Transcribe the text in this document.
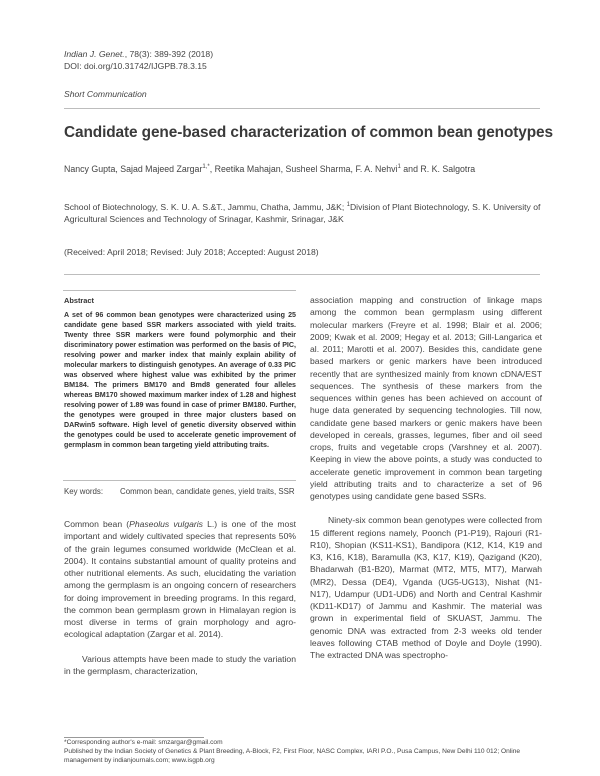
Indian J. Genet., 78(3): 389-392 (2018)
DOI: doi.org/10.31742/IJGPB.78.3.15
Short Communication
Candidate gene-based characterization of common bean genotypes
Nancy Gupta, Sajad Majeed Zargar$^{1,*}$, Reetika Mahajan, Susheel Sharma, F. A. Nehvi$^1$ and R. K. Salgotra
School of Biotechnology, S. K. U. A. S.&T., Jammu, Chatha, Jammu, J&K; $^1$Division of Plant Biotechnology, S. K. University of Agricultural Sciences and Technology of Srinagar, Kashmir, Srinagar, J&K
(Received: April 2018; Revised: July 2018; Accepted: August 2018)
Abstract
A set of 96 common bean genotypes were characterized using 25 candidate gene based SSR markers associated with yield traits. Twenty three SSR markers were found polymorphic and their discriminatory power estimation was performed on the basis of PIC, resolving power and marker index that mainly explain ability of molecular markers to distinguish genotypes. An average of 0.33 PIC was observed where highest value was exhibited by the primer BM184. The primers BM170 and Bmd8 generated four alleles whereas BM170 showed maximum marker index of 1.28 and highest resolving power of 1.89 was found in case of primer BM180. Further, the genotypes were grouped in three major clusters based on DARwin5 software. High level of genetic diversity observed within the genotypes could be used to accelerate genetic improvement of germplasm in common bean targeting yield attributing traits.
Key words: Common bean, candidate genes, yield traits, SSR

Common bean (Phaseolus vulgaris L.) is one of the most important and widely cultivated species that represents 50% of the grain legumes consumed worldwide (McClean et al. 2004). It contains substantial amount of quality proteins and other nutritional elements. As such, elucidating the variation among the germplasm is an ongoing concern of researchers for doing improvement in breeding programs. In this regard, the common bean germplasm grown in Himalayan region is most diverse in terms of grain morphology and agro-ecological adaptation (Zargar et al. 2014).

Various attempts have been made to study the variation in the germplasm, characterization,

association mapping and construction of linkage maps among the common bean germplasm using different molecular markers (Freyre et al. 1998; Blair et al. 2006; 2009; Kwak et al. 2009; Hegay et al. 2013; Gill-Langarica et al. 2011; Marotti et al. 2007). Besides this, candidate gene based markers or genic markers have been introduced recently that are synthesized mainly from known cDNA/EST sequences. The synthesis of these markers from the sequences within genes has been achieved on account of huge data generated by sequencing technologies. Till now, candidate gene based markers or genic makers have been developed in cereals, grasses, legumes, fiber and oil seed crops, fruits and vegetable crops (Varshney et al. 2007). Keeping in view the above points, a study was conducted to accelerate genetic improvement in common bean targeting yield attributing traits and to characterize a set of 96 genotypes using candidate gene based SSRs.

Ninety-six common bean genotypes were collected from 15 different regions namely, Poonch (P1-P19), Rajouri (R1-R10), Shopian (KS11-KS1), Bandipora (K12, K14, K19 and K3, K16, K18), Baramulla (K3, K17, K19), Qazigand (K20), Bhadarwah (B1-B20), Marmat (MT2, MT5, MT7), Marwah (MR2), Dessa (DE4), Vganda (UG5-UG13), Nishat (N1-N17), Udampur (UD1-UD6) and North and Central Kashmir (KD11-KD17) of Jammu and Kashmir. The material was grown in experimental field of SKUAST, Jammu. The genomic DNA was extracted from 2-3 weeks old tender leaves following CTAB method of Doyle and Doyle (1990). The extracted DNA was spectropho-

*Corresponding author's e-mail: smzargar@gmail.com
Published by the Indian Society of Genetics & Plant Breeding, A-Block, F2, First Floor, NASC Complex, IARI P.O., Pusa Campus, New Delhi 110 012; Online management by indianjournals.com; www.isgpb.org
